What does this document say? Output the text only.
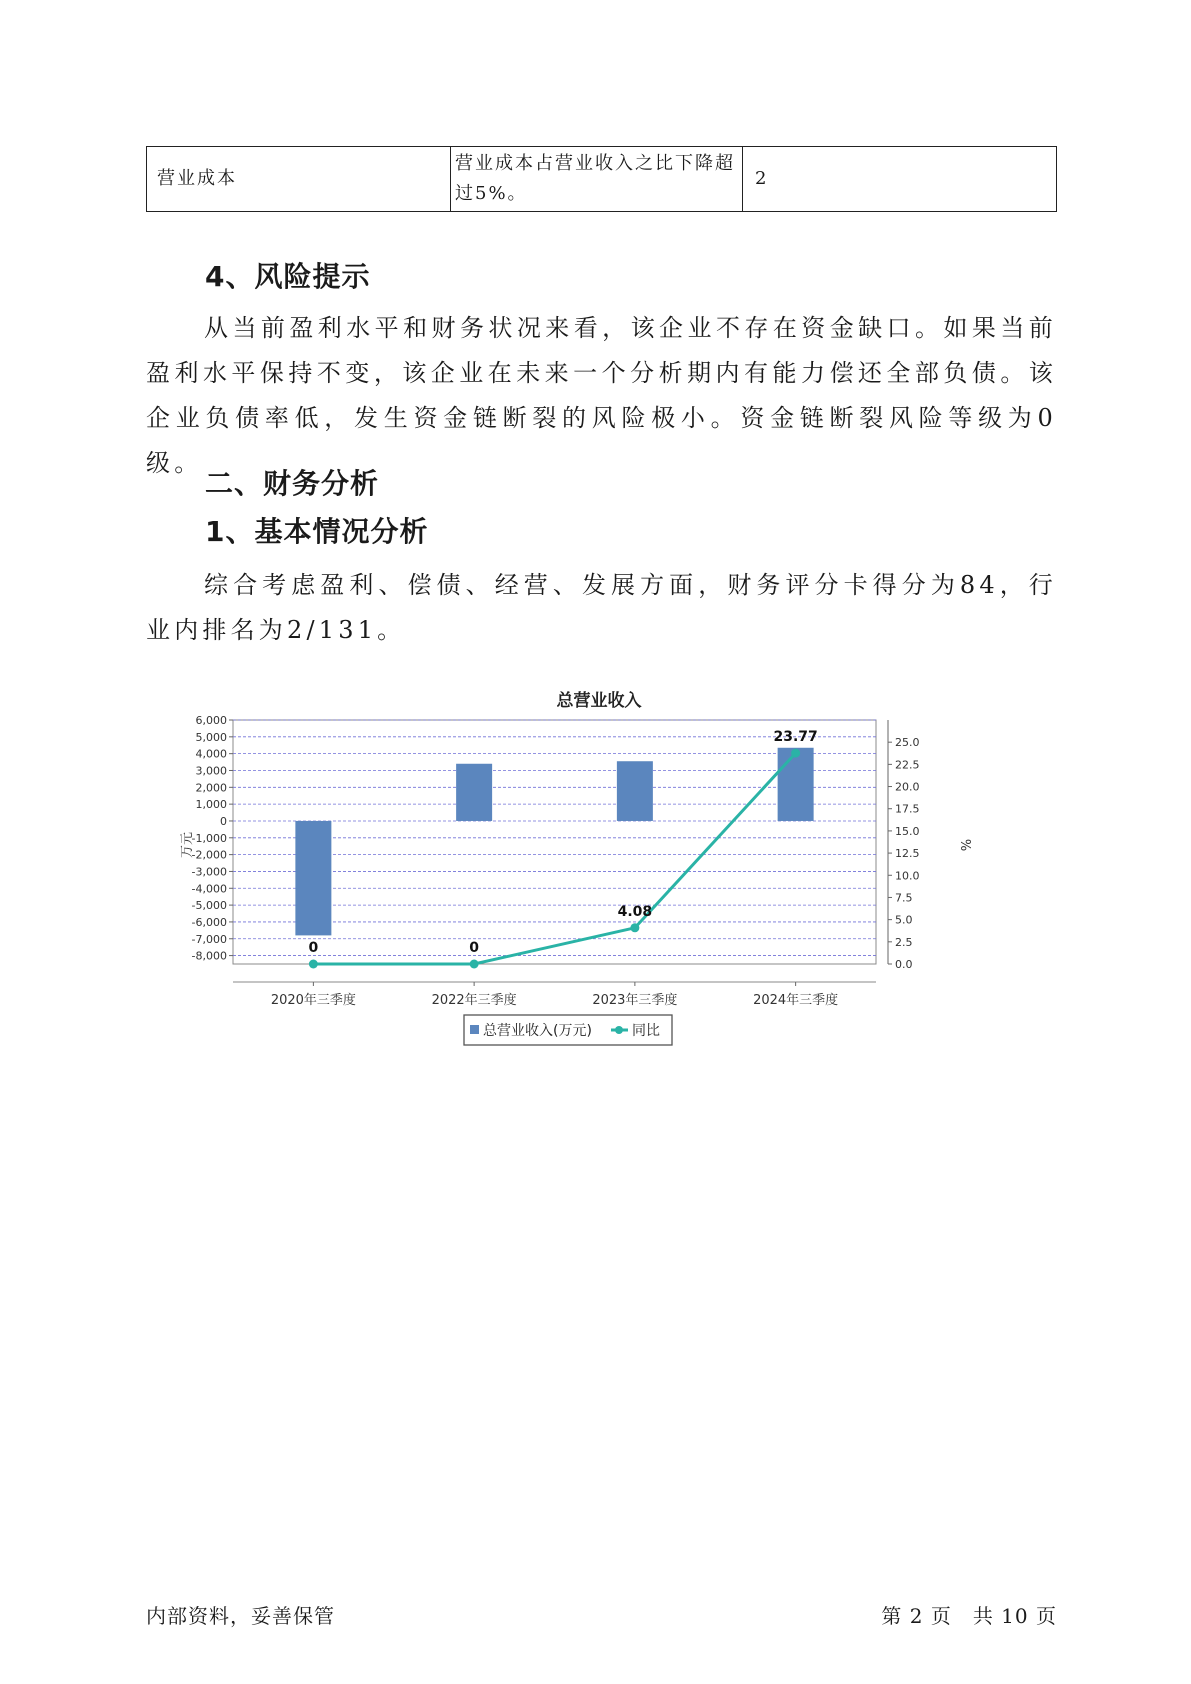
营业成本	营业成本占营业收入之比下降超过5%。	2
4、风险提示

从当前盈利水平和财务状况来看，该企业不存在资金缺口。如果当前盈利水平保持不变，该企业在未来一个分析期内有能力偿还全部负债。该企业负债率低，发生资金链断裂的风险极小。资金链断裂风险等级为0级。

二、财务分析
1、基本情况分析

综合考虑盈利、偿债、经营、发展方面，财务评分卡得分为84，行业内排名为2/131。

总营业收入
6,000
5,000
4,000
3,000
2,000
1,000
0
-1,000
-2,000
-3,000
-4,000
-5,000
-6,000
-7,000
-8,000
25.0
22.5
20.0
17.5
15.0
12.5
10.0
7.5
5.0
2.5
0.0
0	0
4.08
23.77
2020年三季度	2022年三季度	2023年三季度	2024年三季度
万元	%
总营业收入(万元)	同比
内部资料，妥善保管	第 2 页　共 10 页
